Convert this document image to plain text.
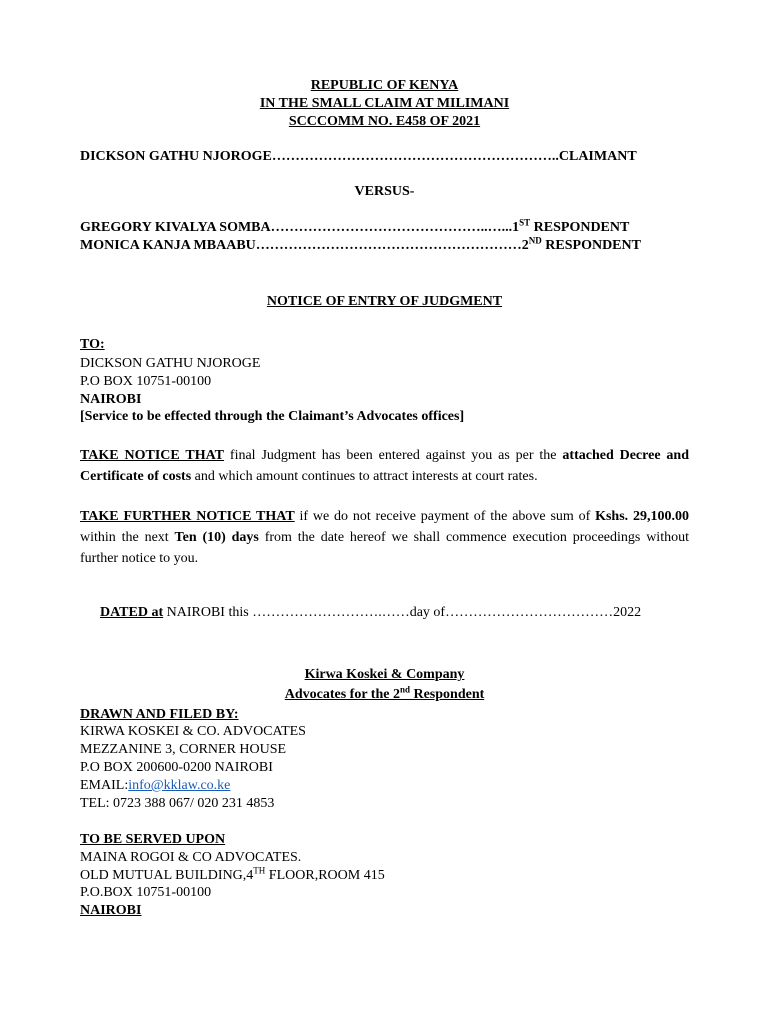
REPUBLIC OF KENYA
IN THE SMALL CLAIM AT MILIMANI
SCCCOMM NO. E458 OF 2021
DICKSON GATHU NJOROGE……………………………………………………..CLAIMANT
VERSUS-
GREGORY KIVALYA SOMBA………………………………………..…...1ST RESPONDENT
MONICA KANJA MBAABU…………………………………………………2ND RESPONDENT
NOTICE OF ENTRY OF JUDGMENT
TO:
DICKSON GATHU NJOROGE
P.O BOX 10751-00100
NAIROBI
[Service to be effected through the Claimant’s Advocates offices]
TAKE NOTICE THAT final Judgment has been entered against you as per the attached Decree and Certificate of costs and which amount continues to attract interests at court rates.
TAKE FURTHER NOTICE THAT if we do not receive payment of the above sum of Kshs. 29,100.00 within the next Ten (10) days from the date hereof we shall commence execution proceedings without further notice to you.
DATED at NAIROBI this ……………………….……day of………………………………2022
Kirwa Koskei & Company
Advocates for the 2nd Respondent
DRAWN AND FILED BY:
KIRWA KOSKEI & CO. ADVOCATES
MEZZANINE 3, CORNER HOUSE
P.O BOX 200600-0200 NAIROBI
EMAIL:info@kklaw.co.ke
TEL: 0723 388 067/ 020 231 4853
TO BE SERVED UPON
MAINA ROGOI & CO ADVOCATES.
OLD MUTUAL BUILDING,4TH FLOOR,ROOM 415
P.O.BOX 10751-00100
NAIROBI
